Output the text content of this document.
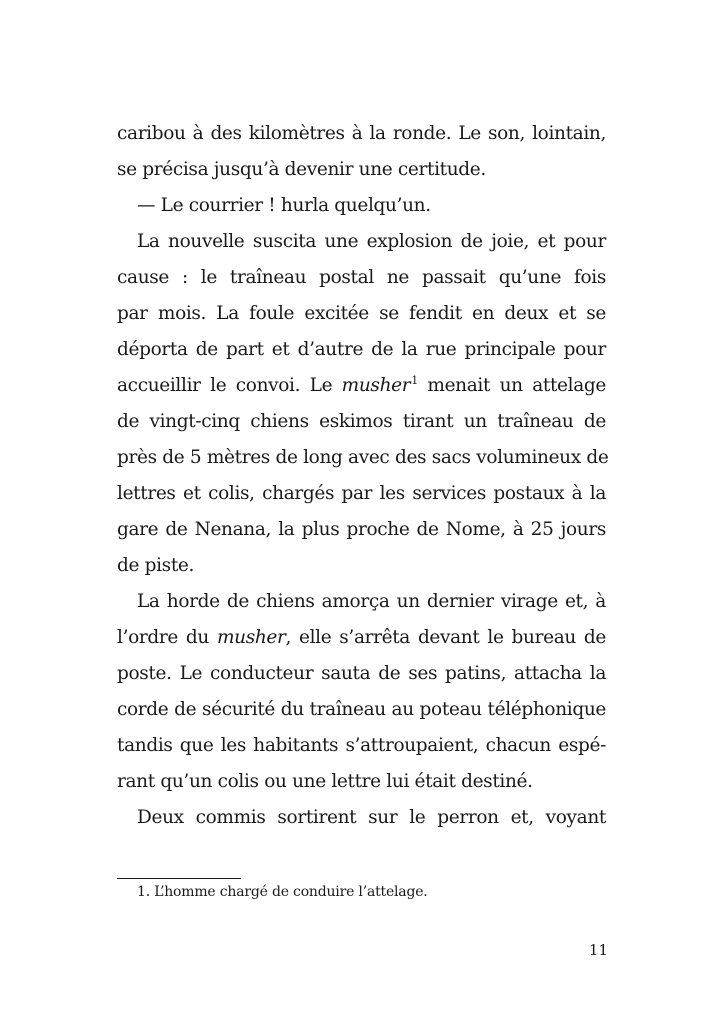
caribou à des kilomètres à la ronde. Le son, lointain,
se précisa jusqu’à devenir une certitude.
— Le courrier ! hurla quelqu’un.
La nouvelle suscita une explosion de joie, et pour
cause : le traîneau postal ne passait qu’une fois
par mois. La foule excitée se fendit en deux et se
déporta de part et d’autre de la rue principale pour
accueillir le convoi. Le musher$^1$ menait un attelage
de vingt-cinq chiens eskimos tirant un traîneau de
près de 5 mètres de long avec des sacs volumineux de
lettres et colis, chargés par les services postaux à la
gare de Nenana, la plus proche de Nome, à 25 jours
de piste.
La horde de chiens amorça un dernier virage et, à
l’ordre du musher, elle s’arrêta devant le bureau de
poste. Le conducteur sauta de ses patins, attacha la
corde de sécurité du traîneau au poteau téléphonique
tandis que les habitants s’attroupaient, chacun espé-
rant qu’un colis ou une lettre lui était destiné.
Deux commis sortirent sur le perron et, voyant
1. L’homme chargé de conduire l’attelage.
11
